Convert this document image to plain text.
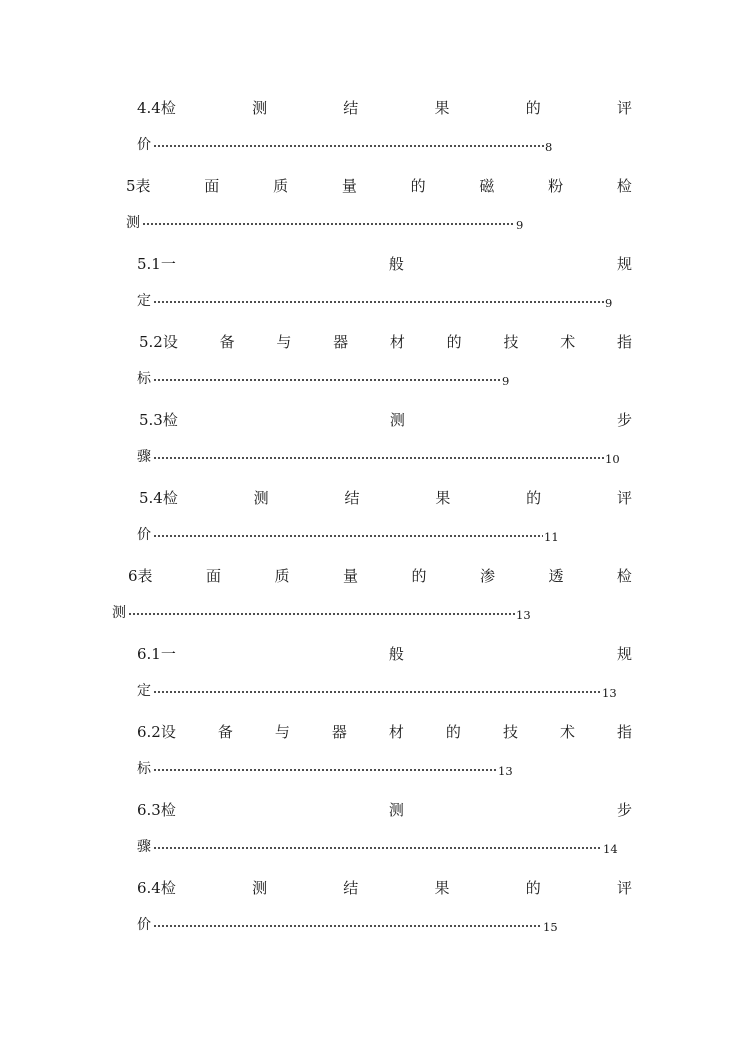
4.4检	测	结	果	的	评
价	8
5表	面	质	量	的	磁	粉	检
测	9
5.1一	般	规
定	9
5.2设	备	与	器	材	的	技	术	指
标	9
5.3检	测	步
骤	10
5.4检	测	结	果	的	评
价	11
6表	面	质	量	的	渗	透	检
测	13
6.1一	般	规
定	13
6.2设	备	与	器	材	的	技	术	指
标	13
6.3检	测	步
骤	14
6.4检	测	结	果	的	评
价	15
